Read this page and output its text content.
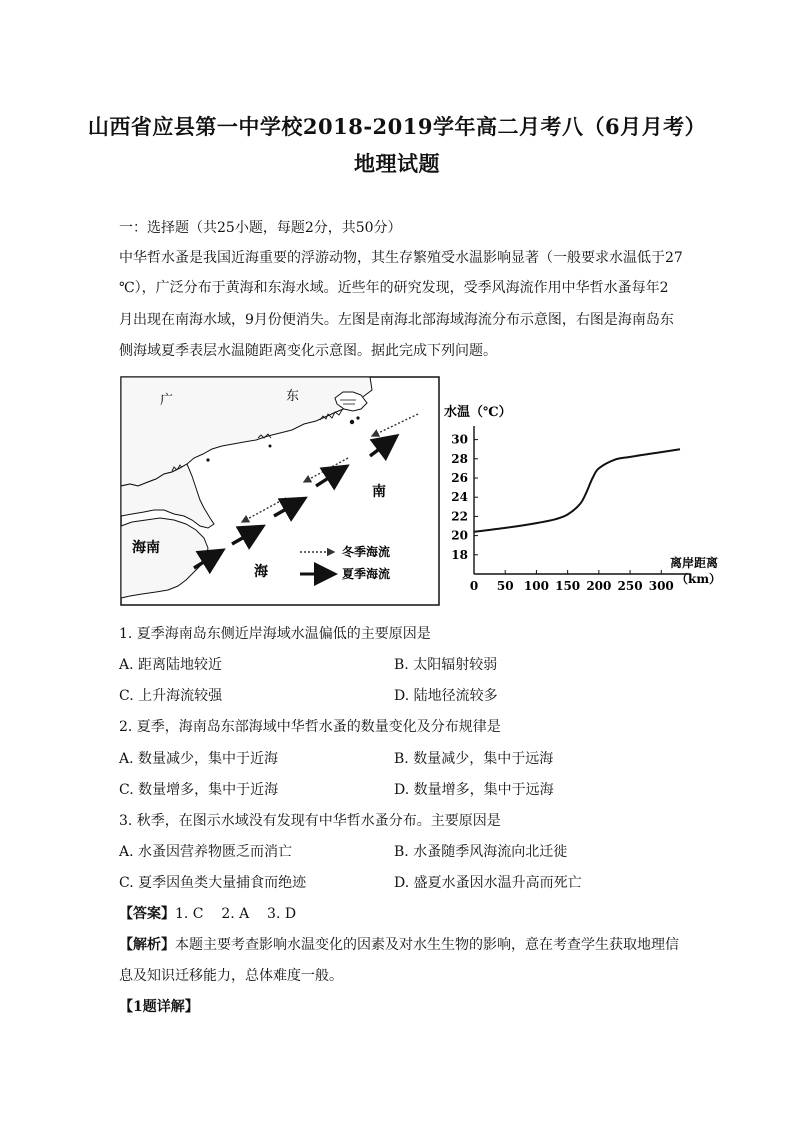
山西省应县第一中学校2018-2019学年高二月考八（6月月考）
地理试题
一：选择题（共25小题，每题2分，共50分）
中华哲水蚤是我国近海重要的浮游动物，其生存繁殖受水温影响显著（一般要求水温低于27
℃），广泛分布于黄海和东海水域。近些年的研究发现，受季风海流作用中华哲水蚤每年2
月出现在南海水域，9月份便消失。左图是南海北部海域海流分布示意图，右图是海南岛东
侧海域夏季表层水温随距离变化示意图。据此完成下列问题。
广	东
南
海
海南	冬季海流
夏季海流
水温（℃）
18
20
22
24
26
28
30
0 50 100 150 200 250 300
离岸距离
（km）
1. 夏季海南岛东侧近岸海域水温偏低的主要原因是
A. 距离陆地较近	B. 太阳辐射较弱
C. 上升海流较强	D. 陆地径流较多
2. 夏季，海南岛东部海域中华哲水蚤的数量变化及分布规律是
A. 数量减少，集中于近海	B. 数量减少，集中于远海
C. 数量增多，集中于近海	D. 数量增多，集中于远海
3. 秋季，在图示水域没有发现有中华哲水蚤分布。主要原因是
A. 水蚤因营养物匮乏而消亡	B. 水蚤随季风海流向北迁徙
C. 夏季因鱼类大量捕食而绝迹	D. 盛夏水蚤因水温升高而死亡
【答案】1. C    2. A    3. D
【解析】本题主要考查影响水温变化的因素及对水生生物的影响，意在考查学生获取地理信
息及知识迁移能力，总体难度一般。
【1题详解】
